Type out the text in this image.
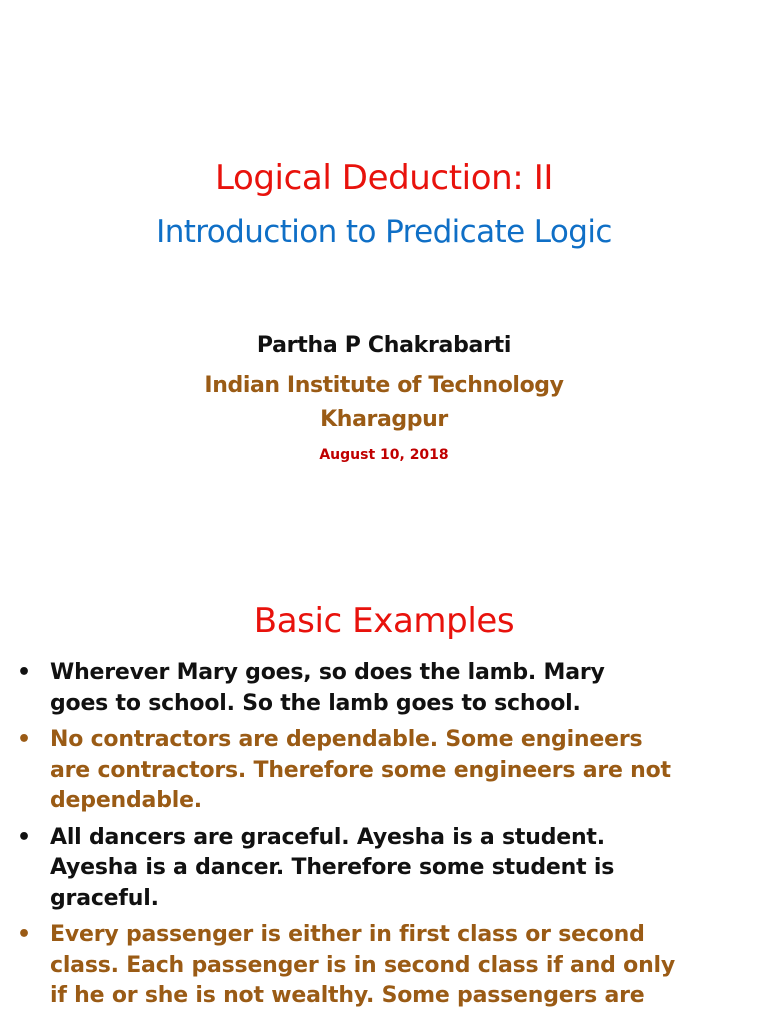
Logical Deduction: II
Introduction to Predicate Logic
Partha P Chakrabarti
Indian Institute of Technology
Kharagpur
August 10, 2018
Basic Examples
• Wherever Mary goes, so does the lamb. Mary
goes to school. So the lamb goes to school.
• No contractors are dependable. Some engineers
are contractors. Therefore some engineers are not
dependable.
• All dancers are graceful. Ayesha is a student.
Ayesha is a dancer. Therefore some student is
graceful.
• Every passenger is either in first class or second
class. Each passenger is in second class if and only
if he or she is not wealthy. Some passengers are
